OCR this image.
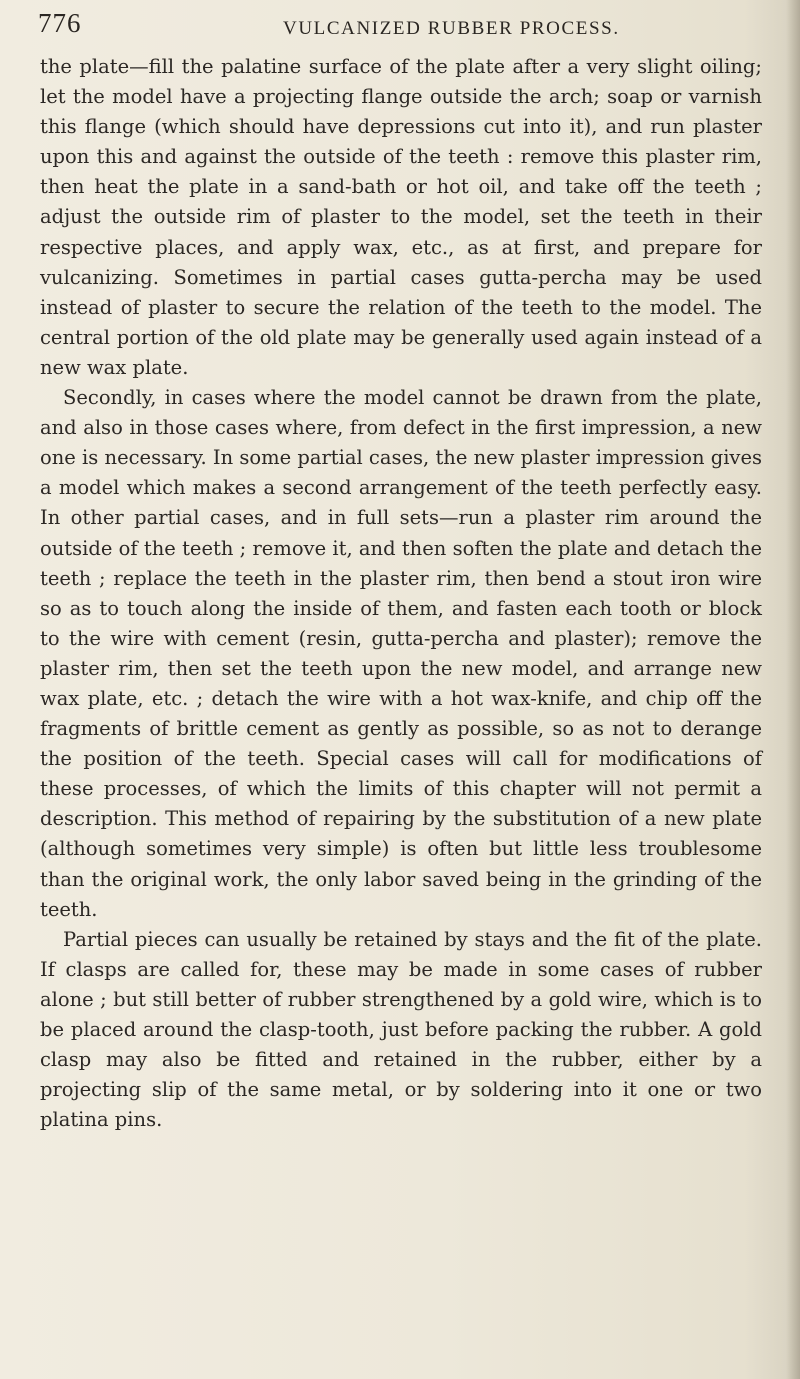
776	VULCANIZED RUBBER PROCESS.

the plate—fill the palatine surface of the plate after a very slight oiling; let the model have a projecting flange outside the arch; soap or varnish this flange (which should have depressions cut into it), and run plaster upon this and against the outside of the teeth : remove this plaster rim, then heat the plate in a sand-bath or hot oil, and take off the teeth ; adjust the outside rim of plaster to the model, set the teeth in their respective places, and apply wax, etc., as at first, and prepare for vulcanizing. Sometimes in partial cases gutta-percha may be used instead of plaster to secure the relation of the teeth to the model. The central portion of the old plate may be generally used again instead of a new wax plate.

Secondly, in cases where the model cannot be drawn from the plate, and also in those cases where, from defect in the first impression, a new one is necessary. In some partial cases, the new plaster impression gives a model which makes a second arrangement of the teeth perfectly easy. In other partial cases, and in full sets—run a plaster rim around the outside of the teeth ; remove it, and then soften the plate and detach the teeth ; replace the teeth in the plaster rim, then bend a stout iron wire so as to touch along the inside of them, and fasten each tooth or block to the wire with cement (resin, gutta-percha and plaster); remove the plaster rim, then set the teeth upon the new model, and arrange new wax plate, etc. ; detach the wire with a hot wax-knife, and chip off the fragments of brittle cement as gently as possible, so as not to derange the position of the teeth. Special cases will call for modifications of these processes, of which the limits of this chapter will not permit a description. This method of repairing by the substitution of a new plate (although sometimes very simple) is often but little less troublesome than the original work, the only labor saved being in the grinding of the teeth.

Partial pieces can usually be retained by stays and the fit of the plate. If clasps are called for, these may be made in some cases of rubber alone ; but still better of rubber strengthened by a gold wire, which is to be placed around the clasp-tooth, just before packing the rubber. A gold clasp may also be fitted and retained in the rubber, either by a projecting slip of the same metal, or by soldering into it one or two platina pins.
